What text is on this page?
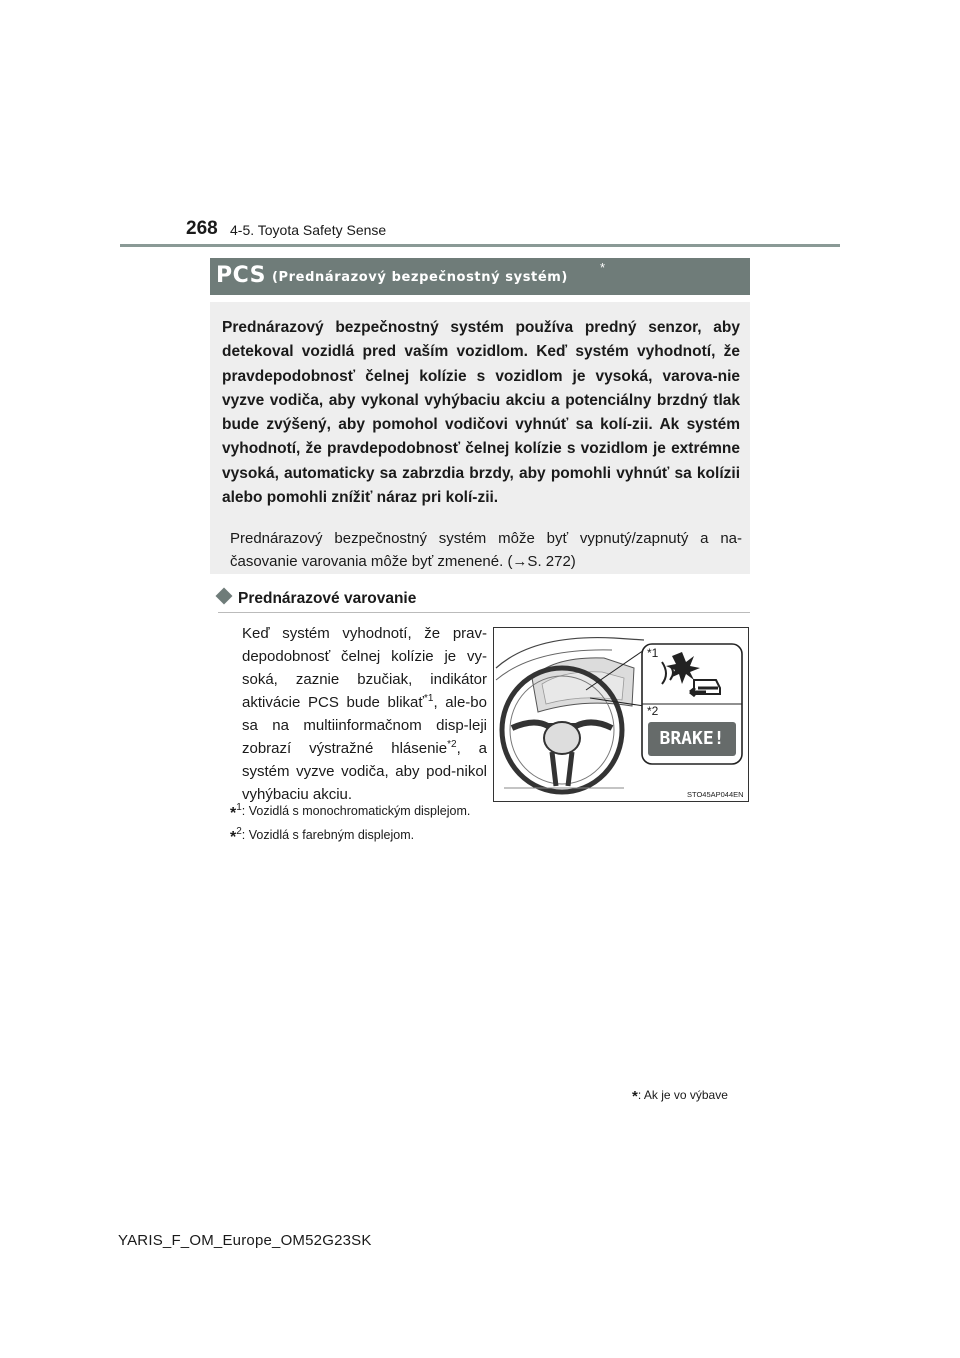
268 4-5. Toyota Safety Sense
PCS (Prednárazový bezpečnostný systém)
*
Prednárazový bezpečnostný systém používa predný senzor, aby detekoval vozidlá pred vaším vozidlom. Keď systém vyhodnotí, že pravdepodobnosť čelnej kolízie s vozidlom je vysoká, varova-nie vyzve vodiča, aby vykonal vyhýbaciu akciu a potenciálny brzdný tlak bude zvýšený, aby pomohol vodičovi vyhnúť sa kolí-zii. Ak systém vyhodnotí, že pravdepodobnosť čelnej kolízie s vozidlom je extrémne vysoká, automaticky sa zabrzdia brzdy, aby pomohli vyhnúť sa kolízii alebo pomohli znížiť náraz pri kolí-zii.
Prednárazový bezpečnostný systém môže byť vypnutý/zapnutý a na-časovanie varovania môže byť zmenené. (→S. 272)
Prednárazové varovanie
Keď systém vyhodnotí, že prav-depodobnosť čelnej kolízie je vy-soká, zaznie bzučiak, indikátor aktivácie PCS bude blikať$^{*1}$, ale-bo sa na multiinformačnom disp-leji zobrazí výstražné hlásenie$^{*2}$, a systém vyzve vodiča, aby pod-nikol vyhýbaciu akciu.
*1
*2
BRAKE!
STO45AP044EN
*$^1$: Vozidlá s monochromatickým displejom.
*$^2$: Vozidlá s farebným displejom.
*: Ak je vo výbave
YARIS_F_OM_Europe_OM52G23SK
